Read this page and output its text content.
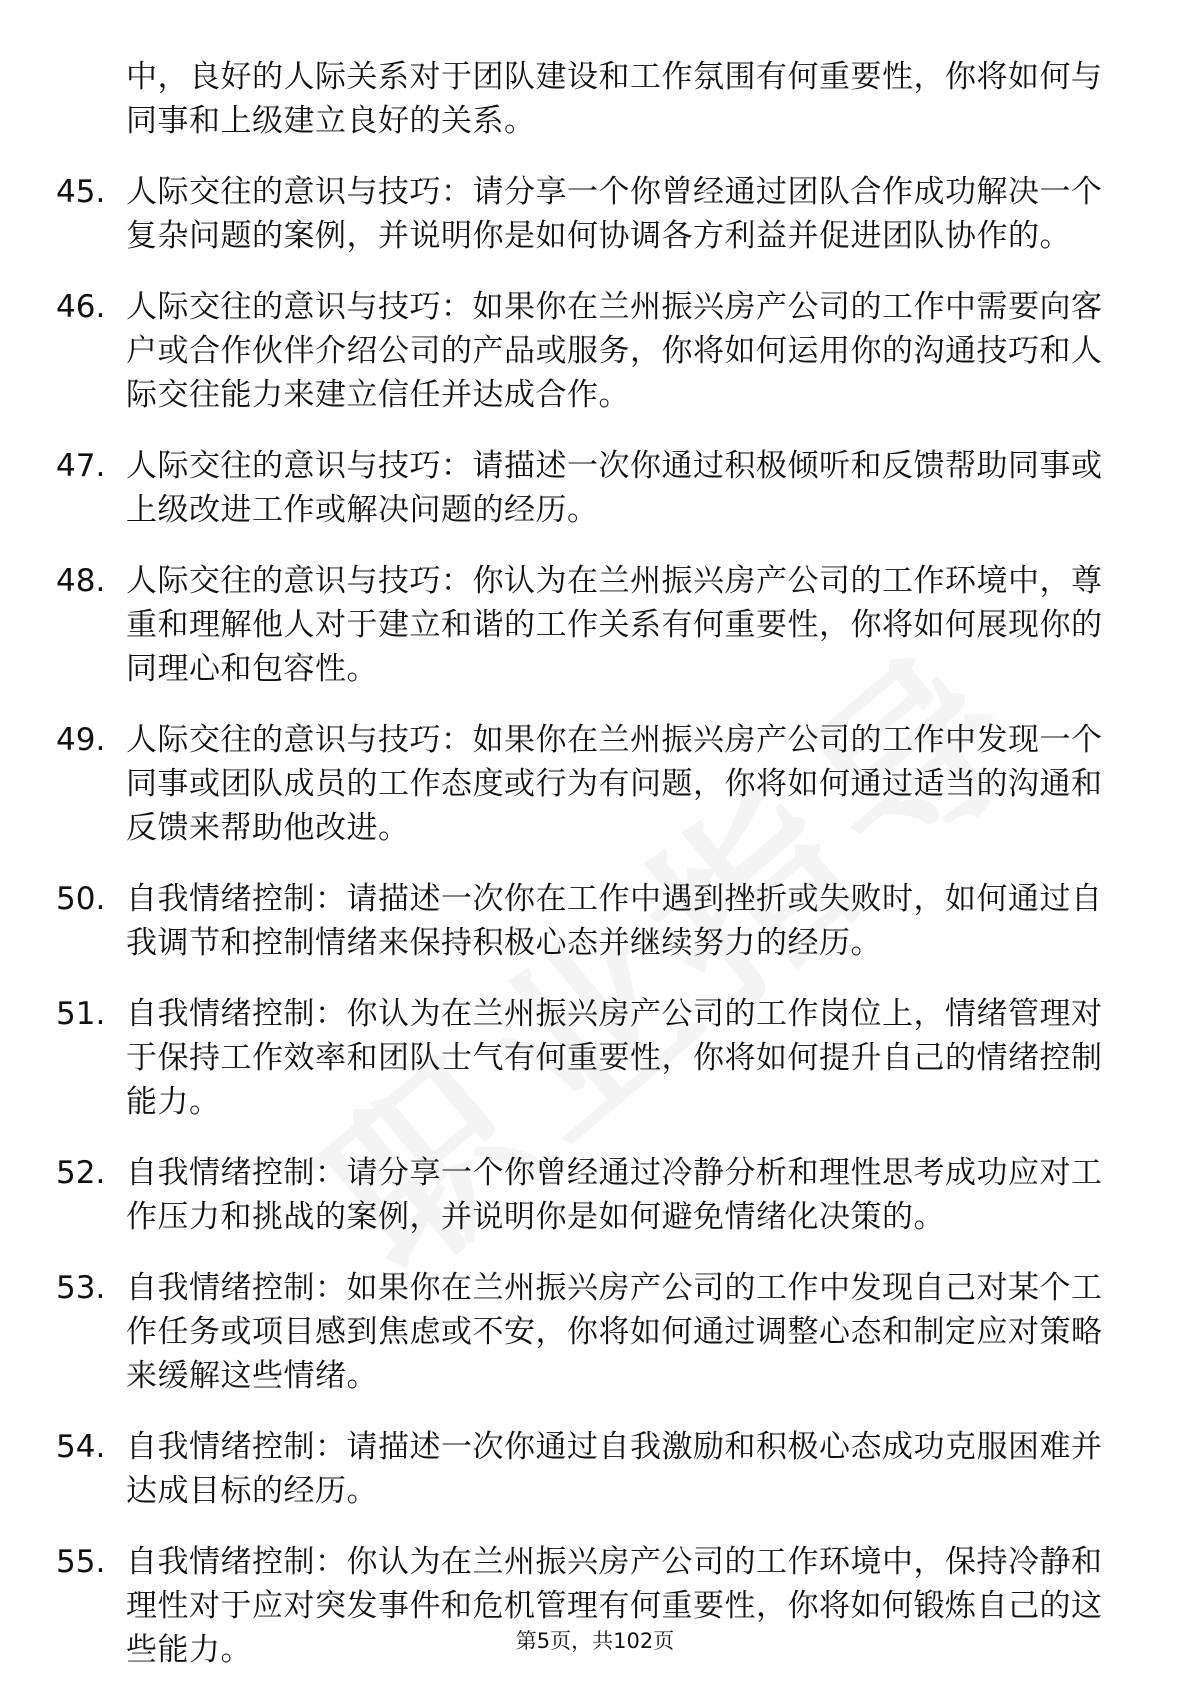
中，良好的人际关系对于团队建设和工作氛围有何重要性，你将如何与同事和上级建立良好的关系。
45. 人际交往的意识与技巧：请分享一个你曾经通过团队合作成功解决一个复杂问题的案例，并说明你是如何协调各方利益并促进团队协作的。
46. 人际交往的意识与技巧：如果你在兰州振兴房产公司的工作中需要向客户或合作伙伴介绍公司的产品或服务，你将如何运用你的沟通技巧和人际交往能力来建立信任并达成合作。
47. 人际交往的意识与技巧：请描述一次你通过积极倾听和反馈帮助同事或上级改进工作或解决问题的经历。
48. 人际交往的意识与技巧：你认为在兰州振兴房产公司的工作环境中，尊重和理解他人对于建立和谐的工作关系有何重要性，你将如何展现你的同理心和包容性。
49. 人际交往的意识与技巧：如果你在兰州振兴房产公司的工作中发现一个同事或团队成员的工作态度或行为有问题，你将如何通过适当的沟通和反馈来帮助他改进。
50. 自我情绪控制：请描述一次你在工作中遇到挫折或失败时，如何通过自我调节和控制情绪来保持积极心态并继续努力的经历。
51. 自我情绪控制：你认为在兰州振兴房产公司的工作岗位上，情绪管理对于保持工作效率和团队士气有何重要性，你将如何提升自己的情绪控制能力。
52. 自我情绪控制：请分享一个你曾经通过冷静分析和理性思考成功应对工作压力和挑战的案例，并说明你是如何避免情绪化决策的。
53. 自我情绪控制：如果你在兰州振兴房产公司的工作中发现自己对某个工作任务或项目感到焦虑或不安，你将如何通过调整心态和制定应对策略来缓解这些情绪。
54. 自我情绪控制：请描述一次你通过自我激励和积极心态成功克服困难并达成目标的经历。
55. 自我情绪控制：你认为在兰州振兴房产公司的工作环境中，保持冷静和理性对于应对突发事件和危机管理有何重要性，你将如何锻炼自己的这些能力。	第5页，共102页
